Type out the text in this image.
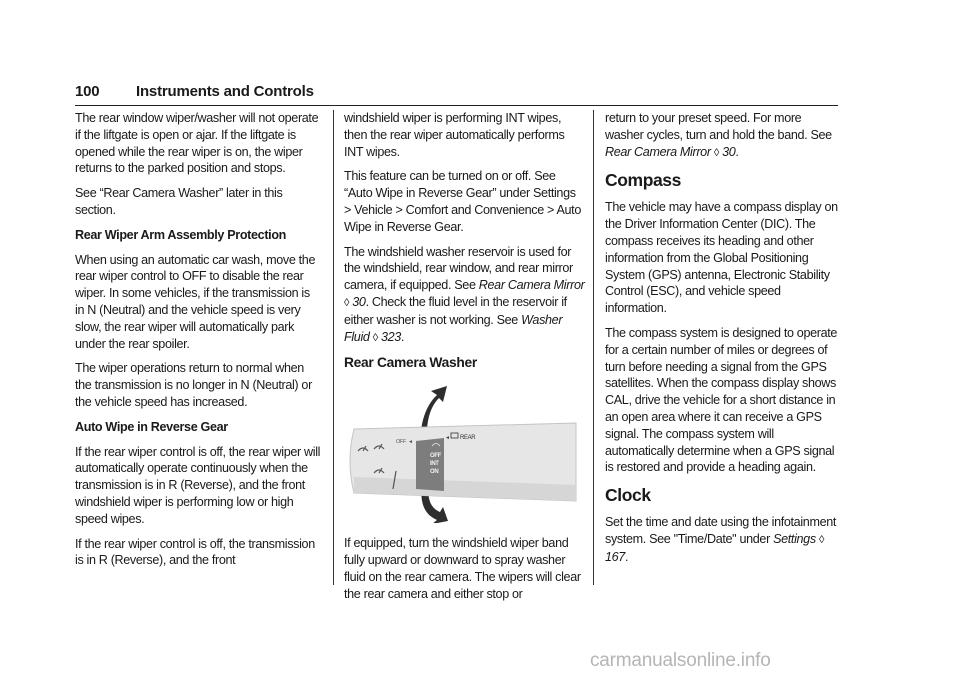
100 Instruments and Controls

The rear window wiper/washer will not operate if the liftgate is open or ajar. If the liftgate is opened while the rear wiper is on, the wiper returns to the parked position and stops.

See “Rear Camera Washer” later in this section.

Rear Wiper Arm Assembly Protection

When using an automatic car wash, move the rear wiper control to OFF to disable the rear wiper. In some vehicles, if the transmission is in N (Neutral) and the vehicle speed is very slow, the rear wiper will automatically park under the rear spoiler.

The wiper operations return to normal when the transmission is no longer in N (Neutral) or the vehicle speed has increased.

Auto Wipe in Reverse Gear

If the rear wiper control is off, the rear wiper will automatically operate continuously when the transmission is in R (Reverse), and the front windshield wiper is performing low or high speed wipes.

If the rear wiper control is off, the transmission is in R (Reverse), and the front

windshield wiper is performing INT wipes, then the rear wiper automatically performs INT wipes.

This feature can be turned on or off. See “Auto Wipe in Reverse Gear” under Settings > Vehicle > Comfort and Convenience > Auto Wipe in Reverse Gear.

The windshield washer reservoir is used for the windshield, rear window, and rear mirror camera, if equipped. See Rear Camera Mirror ◊ 30. Check the fluid level in the reservoir if either washer is not working. See Washer Fluid ◊ 323.

Rear Camera Washer
OFF ◄
OFF
INT
ON
◄ REAR

If equipped, turn the windshield wiper band fully upward or downward to spray washer fluid on the rear camera. The wipers will clear the rear camera and either stop or

return to your preset speed. For more washer cycles, turn and hold the band. See Rear Camera Mirror ◊ 30.

Compass

The vehicle may have a compass display on the Driver Information Center (DIC). The compass receives its heading and other information from the Global Positioning System (GPS) antenna, Electronic Stability Control (ESC), and vehicle speed information.

The compass system is designed to operate for a certain number of miles or degrees of turn before needing a signal from the GPS satellites. When the compass display shows CAL, drive the vehicle for a short distance in an open area where it can receive a GPS signal. The compass system will automatically determine when a GPS signal is restored and provide a heading again.

Clock

Set the time and date using the infotainment system. See "Time/Date" under Settings ◊ 167.

carmanualsonline.info
